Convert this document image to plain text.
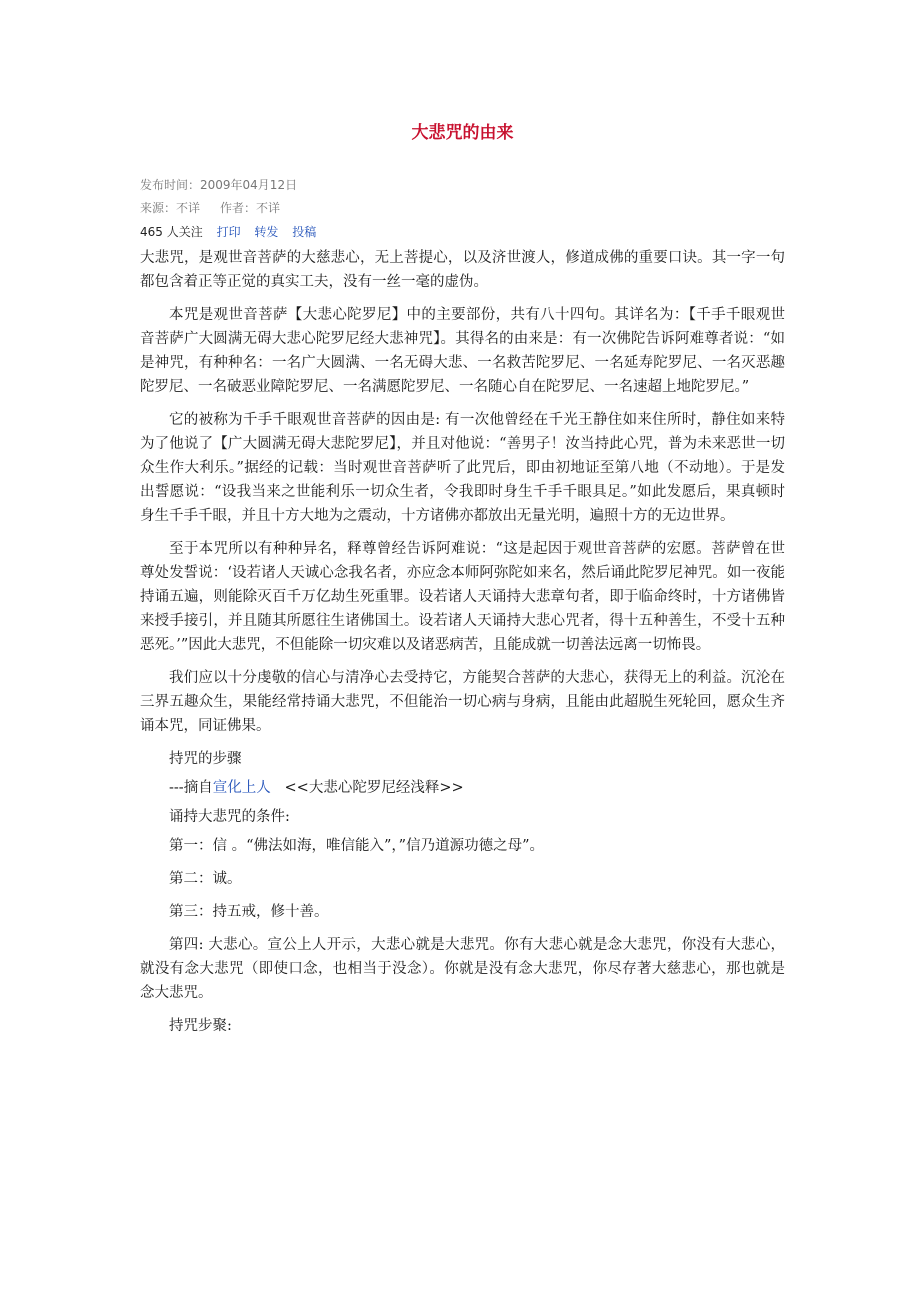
大悲咒的由来
发布时间：2009年04月12日
来源：不详 作者：不详
465 人关注 打印 转发 投稿

大悲咒，是观世音菩萨的大慈悲心，无上菩提心，以及济世渡人，修道成佛的重要口诀。其一字一句都包含着正等正觉的真实工夫，没有一丝一毫的虚伪。

本咒是观世音菩萨【大悲心陀罗尼】中的主要部份，共有八十四句。其详名为：【千手千眼观世音菩萨广大圆满无碍大悲心陀罗尼经大悲神咒】。其得名的由来是：有一次佛陀告诉阿难尊者说：“如是神咒，有种种名：一名广大圆满、一名无碍大悲、一名救苦陀罗尼、一名延寿陀罗尼、一名灭恶趣陀罗尼、一名破恶业障陀罗尼、一名满愿陀罗尼、一名随心自在陀罗尼、一名速超上地陀罗尼。”

它的被称为千手千眼观世音菩萨的因由是: 有一次他曾经在千光王静住如来住所时，静住如来特为了他说了【广大圆满无碍大悲陀罗尼】，并且对他说：“善男子！汝当持此心咒，普为未来恶世一切众生作大利乐。”据经的记载：当时观世音菩萨听了此咒后，即由初地证至第八地（不动地）。于是发出誓愿说：“设我当来之世能利乐一切众生者，令我即时身生千手千眼具足。”如此发愿后，果真顿时身生千手千眼，并且十方大地为之震动，十方诸佛亦都放出无量光明，遍照十方的无边世界。

至于本咒所以有种种异名，释尊曾经告诉阿难说：“这是起因于观世音菩萨的宏愿。菩萨曾在世尊处发誓说：‘设若诸人天诚心念我名者，亦应念本师阿弥陀如来名，然后诵此陀罗尼神咒。如一夜能持诵五遍，则能除灭百千万亿劫生死重罪。设若诸人天诵持大悲章句者，即于临命终时，十方诸佛皆来授手接引，并且随其所愿往生诸佛国土。设若诸人天诵持大悲心咒者，得十五种善生，不受十五种恶死。’”因此大悲咒，不但能除一切灾难以及诸恶病苦，且能成就一切善法远离一切怖畏。

我们应以十分虔敬的信心与清净心去受持它，方能契合菩萨的大悲心，获得无上的利益。沉沦在三界五趣众生，果能经常持诵大悲咒，不但能治一切心病与身病，且能由此超脱生死轮回，愿众生齐诵本咒，同证佛果。

持咒的步骤

---摘自宣化上人 <<大悲心陀罗尼经浅释>>

诵持大悲咒的条件:

第一：信 。“佛法如海，唯信能入”，”信乃道源功德之母”。

第二：诚。

第三：持五戒，修十善。

第四: 大悲心。宣公上人开示，大悲心就是大悲咒。你有大悲心就是念大悲咒，你没有大悲心，就没有念大悲咒（即使口念，也相当于没念）。你就是没有念大悲咒，你尽存著大慈悲心，那也就是念大悲咒。

持咒步聚:
